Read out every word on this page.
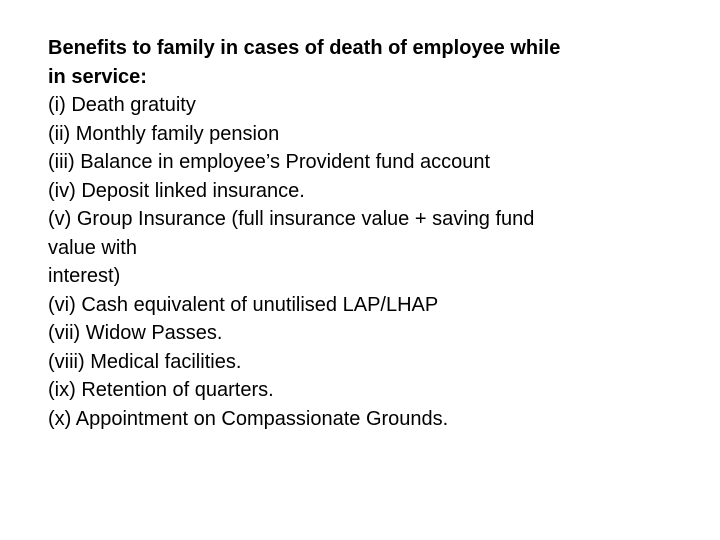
Benefits to family in cases of death of employee while

in service:

(i) Death gratuity

(ii) Monthly family pension

(iii) Balance in employee’s Provident fund account

(iv) Deposit linked insurance.

(v) Group Insurance (full insurance value + saving fund

value with

interest)

(vi) Cash equivalent of unutilised LAP/LHAP

(vii) Widow Passes.

(viii) Medical facilities.

(ix) Retention of quarters.

(x) Appointment on Compassionate Grounds.
